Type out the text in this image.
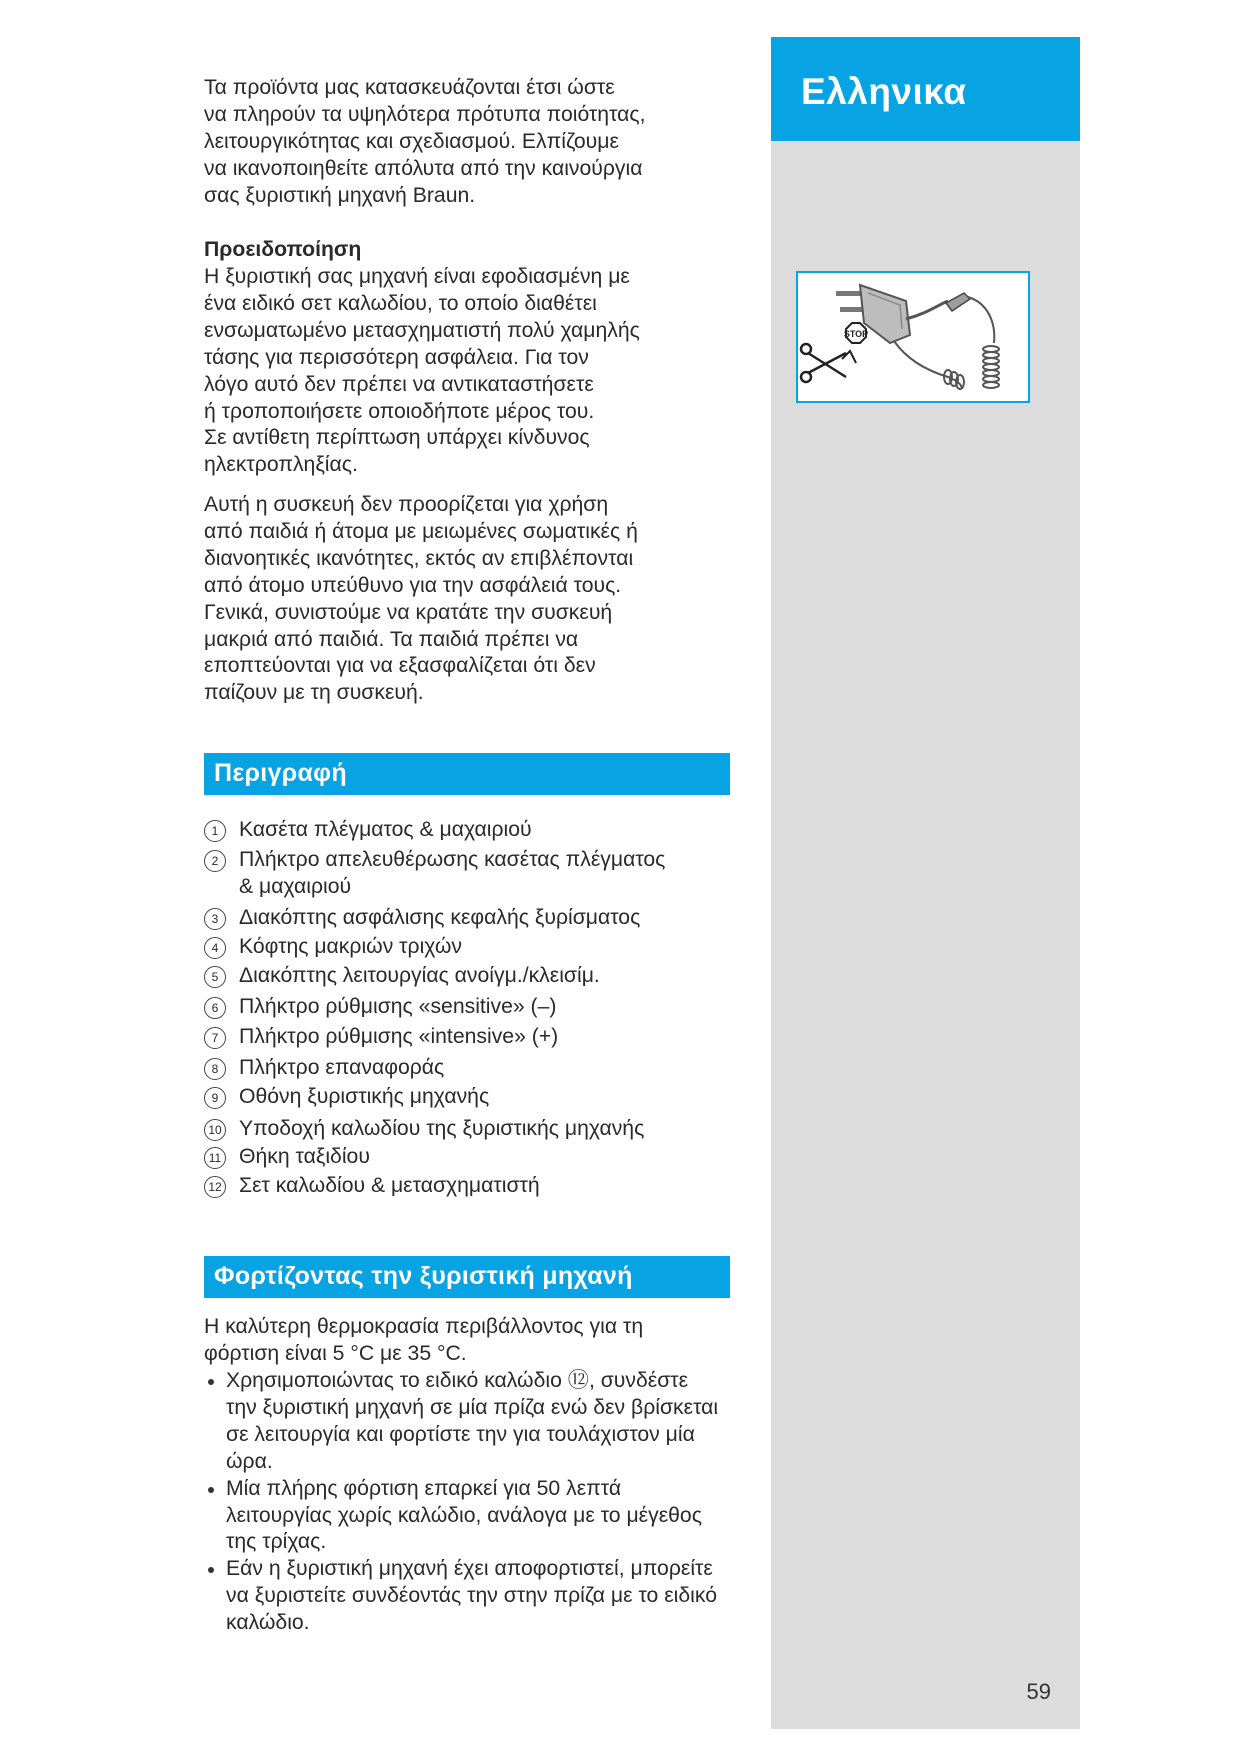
Ελληνικα
STOP
59
Τα προϊόντα μας κατασκευάζονται έτσι ώστε
να πληρούν τα υψηλότερα πρότυπα ποιότητας,
λειτουργικότητας και σχεδιασμού. Ελπίζουμε
να ικανοποιηθείτε απόλυτα από την καινούργια
σας ξυριστική μηχανή Braun.
Προειδοποίηση
Η ξυριστική σας μηχανή είναι εφοδιασμένη με
ένα ειδικό σετ καλωδίου, το οποίο διαθέτει
ενσωματωμένο μετασχηματιστή πολύ χαμηλής
τάσης για περισσότερη ασφάλεια. Για τον
λόγο αυτό δεν πρέπει να αντικαταστήσετε
ή τροποποιήσετε οποιοδήποτε μέρος του.
Σε αντίθετη περίπτωση υπάρχει κίνδυνος
ηλεκτροπληξίας.
Αυτή η συσκευή δεν προορίζεται για χρήση
από παιδιά ή άτομα με μειωμένες σωματικές ή
διανοητικές ικανότητες, εκτός αν επιβλέπονται
από άτομο υπεύθυνο για την ασφάλειά τους.
Γενικά, συνιστούμε να κρατάτε την συσκευή
μακριά από παιδιά. Τα παιδιά πρέπει να
εποπτεύονται για να εξασφαλίζεται ότι δεν
παίζουν με τη συσκευή.
Περιγραφή
1 Κασέτα πλέγματος & μαχαιριού
2 Πλήκτρο απελευθέρωσης κασέτας πλέγματος & μαχαιριού
3 Διακόπτης ασφάλισης κεφαλής ξυρίσματος
4 Κόφτης μακριών τριχών
5 Διακόπτης λειτουργίας ανοίγμ./κλεισίμ.
6 Πλήκτρο ρύθμισης «sensitive» (–)
7 Πλήκτρο ρύθμισης «intensive» (+)
8 Πλήκτρο επαναφοράς
9 Οθόνη ξυριστικής μηχανής
10 Υποδοχή καλωδίου της ξυριστικής μηχανής
11 Θήκη ταξιδίου
12 Σετ καλωδίου & μετασχηματιστή
Φορτίζοντας την ξυριστική μηχανή
Η καλύτερη θερμοκρασία περιβάλλοντος για τη
φόρτιση είναι 5 °C με 35 °C.
Χρησιμοποιώντας το ειδικό καλώδιο ⑫, συνδέστε την ξυριστική μηχανή σε μία πρίζα ενώ δεν βρίσκεται σε λειτουργία και φορτίστε την για τουλάχιστον μία ώρα.
Μία πλήρης φόρτιση επαρκεί για 50 λεπτά λειτουργίας χωρίς καλώδιο, ανάλογα με το μέγεθος της τρίχας.
Εάν η ξυριστική μηχανή έχει αποφορτιστεί, μπορείτε να ξυριστείτε συνδέοντάς την στην πρίζα με το ειδικό καλώδιο.
